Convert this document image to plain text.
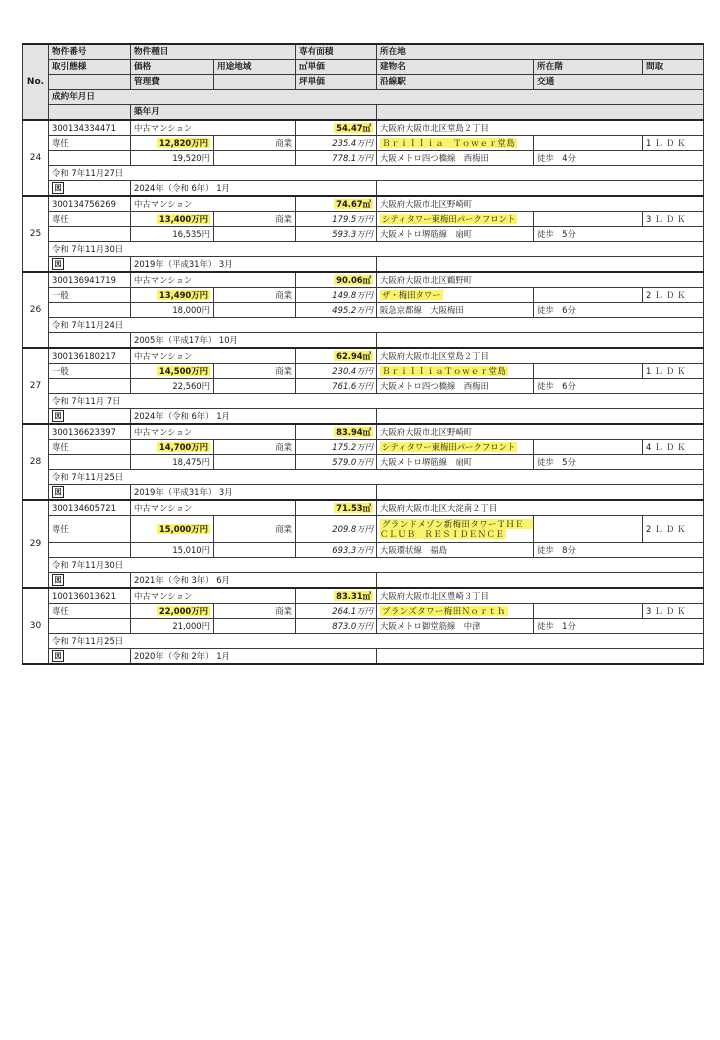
No.	物件番号	物件種目		専有面積	所在地		
	取引態様	価格	用途地域	㎡単価	建物名	所在階	間取
		管理費		坪単価	沿線駅	交通	
	成約年月日						
		築年月					
24	300134334471	中古マンション		54.47㎡	大阪府大阪市北区堂島２丁目		
	専任	12,820万円	商業	235.4万円	Ｂｒｉｌｌｉａ　Ｔｏｗｅｒ堂島		1ＬＤＫ
		19,520円		778.1万円	大阪メトロ四つ橋線　西梅田	徒歩　4分	
	令和 7年11月27日						
	図	2024年（令和 6年） 1月					
25	300134756269	中古マンション		74.67㎡	大阪府大阪市北区野崎町		
	専任	13,400万円	商業	179.5万円	シティタワー東梅田パークフロント		3ＬＤＫ
		16,535円		593.3万円	大阪メトロ堺筋線　扇町	徒歩　5分	
	令和 7年11月30日						
	図	2019年（平成31年） 3月					
26	300136941719	中古マンション		90.06㎡	大阪府大阪市北区鶴野町		
	一般	13,490万円	商業	149.8万円	ザ・梅田タワー		2ＬＤＫ
		18,000円		495.2万円	阪急京都線　大阪梅田	徒歩　6分	
	令和 7年11月24日						
		2005年（平成17年） 10月					
27	300136180217	中古マンション		62.94㎡	大阪府大阪市北区堂島２丁目		
	一般	14,500万円	商業	230.4万円	ＢｒｉｌｌｉａＴｏｗｅｒ堂島		1ＬＤＫ
		22,560円		761.6万円	大阪メトロ四つ橋線　西梅田	徒歩　6分	
	令和 7年11月 7日						
	図	2024年（令和 6年） 1月					
28	300136623397	中古マンション		83.94㎡	大阪府大阪市北区野崎町		
	専任	14,700万円	商業	175.2万円	シティタワー東梅田パークフロント		4ＬＤＫ
		18,475円		579.0万円	大阪メトロ堺筋線　扇町	徒歩　5分	
	令和 7年11月25日						
	図	2019年（平成31年） 3月					
29	300134605721	中古マンション		71.53㎡	大阪府大阪市北区大淀南２丁目		
	専任	15,000万円	商業	209.8万円	グランドメゾン新梅田タワーＴＨＥ　ＣＬＵＢ　ＲＥＳＩＤＥＮＣＥ		2ＬＤＫ
		15,010円		693.3万円	大阪環状線　福島	徒歩　8分	
	令和 7年11月30日						
	図	2021年（令和 3年） 6月					
30	100136013621	中古マンション		83.31㎡	大阪府大阪市北区豊崎３丁目		
	専任	22,000万円	商業	264.1万円	ブランズタワー梅田Ｎｏｒｔｈ		3ＬＤＫ
		21,000円		873.0万円	大阪メトロ御堂筋線　中津	徒歩　1分	
	令和 7年11月25日						
	図	2020年（令和 2年） 1月					
